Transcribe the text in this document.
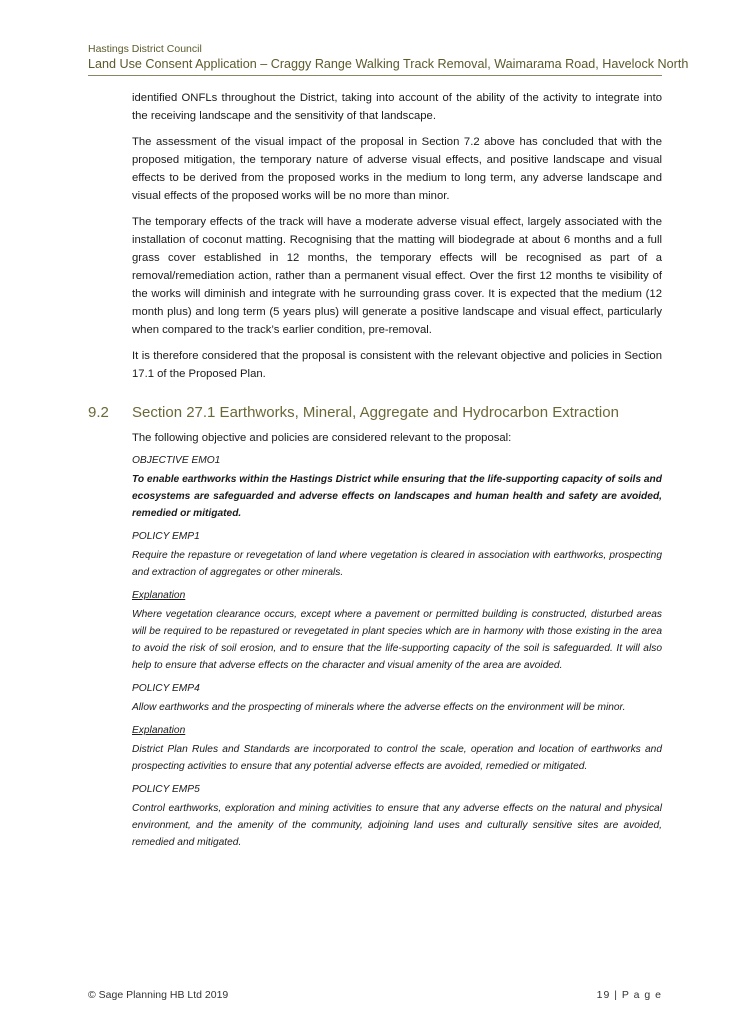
Hastings District Council
Land Use Consent Application – Craggy Range Walking Track Removal, Waimarama Road, Havelock North

identified ONFLs throughout the District, taking into account of the ability of the activity to integrate into the receiving landscape and the sensitivity of that landscape.

The assessment of the visual impact of the proposal in Section 7.2 above has concluded that with the proposed mitigation, the temporary nature of adverse visual effects, and positive landscape and visual effects to be derived from the proposed works in the medium to long term, any adverse landscape and visual effects of the proposed works will be no more than minor.

The temporary effects of the track will have a moderate adverse visual effect, largely associated with the installation of coconut matting. Recognising that the matting will biodegrade at about 6 months and a full grass cover established in 12 months, the temporary effects will be recognised as part of a removal/remediation action, rather than a permanent visual effect. Over the first 12 months te visibility of the works will diminish and integrate with he surrounding grass cover. It is expected that the medium (12 month plus) and long term (5 years plus) will generate a positive landscape and visual effect, particularly when compared to the track’s earlier condition, pre-removal.

It is therefore considered that the proposal is consistent with the relevant objective and policies in Section 17.1 of the Proposed Plan.

9.2 Section 27.1 Earthworks, Mineral, Aggregate and Hydrocarbon Extraction

The following objective and policies are considered relevant to the proposal:

OBJECTIVE EMO1

To enable earthworks within the Hastings District while ensuring that the life-supporting capacity of soils and ecosystems are safeguarded and adverse effects on landscapes and human health and safety are avoided, remedied or mitigated.

POLICY EMP1

Require the repasture or revegetation of land where vegetation is cleared in association with earthworks, prospecting and extraction of aggregates or other minerals.

Explanation

Where vegetation clearance occurs, except where a pavement or permitted building is constructed, disturbed areas will be required to be repastured or revegetated in plant species which are in harmony with those existing in the area to avoid the risk of soil erosion, and to ensure that the life-supporting capacity of the soil is safeguarded. It will also help to ensure that adverse effects on the character and visual amenity of the area are avoided.

POLICY EMP4

Allow earthworks and the prospecting of minerals where the adverse effects on the environment will be minor.

Explanation

District Plan Rules and Standards are incorporated to control the scale, operation and location of earthworks and prospecting activities to ensure that any potential adverse effects are avoided, remedied or mitigated.

POLICY EMP5

Control earthworks, exploration and mining activities to ensure that any adverse effects on the natural and physical environment, and the amenity of the community, adjoining land uses and culturally sensitive sites are avoided, remedied and mitigated.

© Sage Planning HB Ltd 2019	19 | P a g e
